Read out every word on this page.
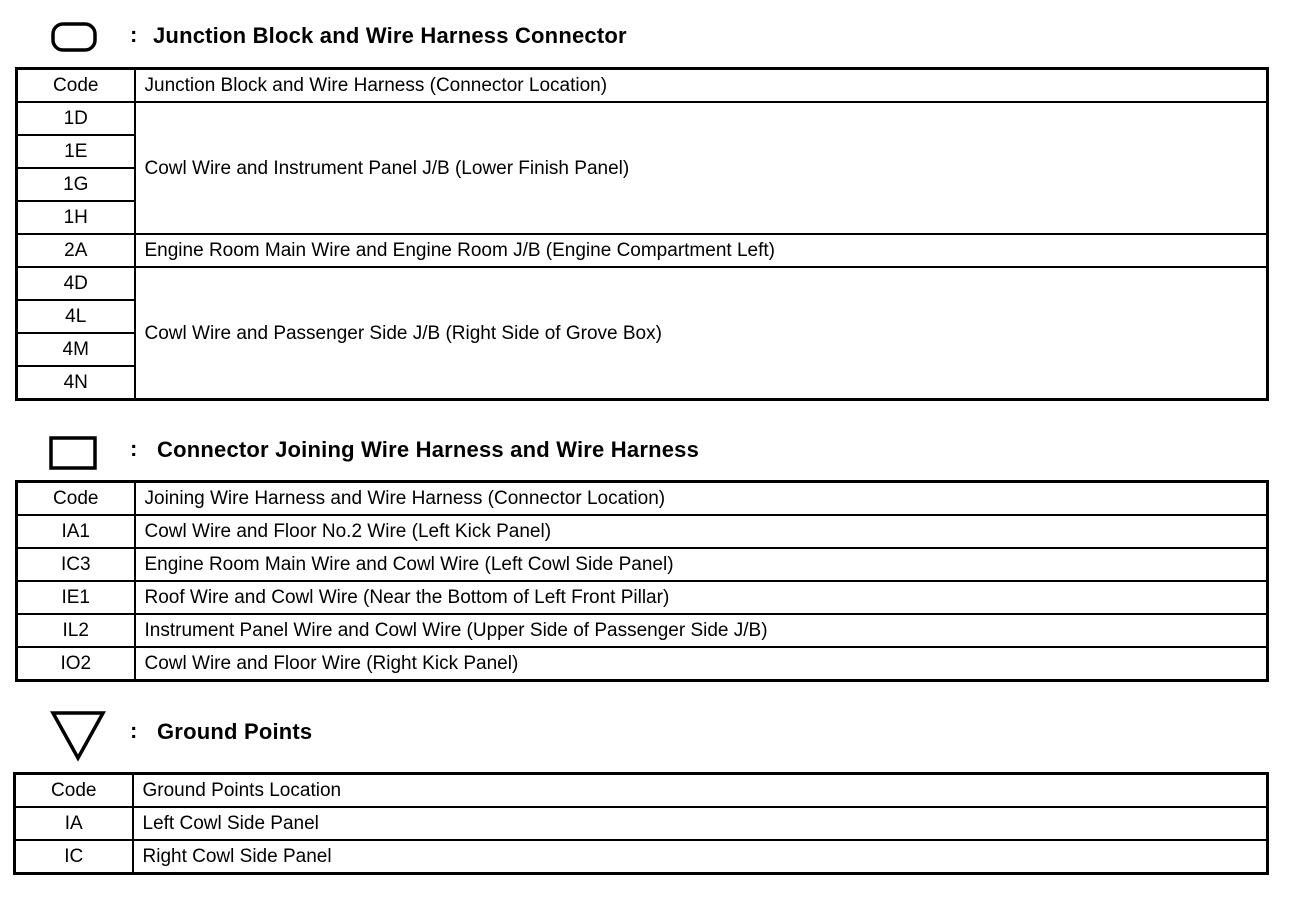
: Junction Block and Wire Harness Connector
Code	Junction Block and Wire Harness (Connector Location)
1D	Cowl Wire and Instrument Panel J/B (Lower Finish Panel)
1E	
1G	
1H	
2A	Engine Room Main Wire and Engine Room J/B (Engine Compartment Left)
4D	Cowl Wire and Passenger Side J/B (Right Side of Grove Box)
4L	
4M	
4N	
: Connector Joining Wire Harness and Wire Harness
Code	Joining Wire Harness and Wire Harness (Connector Location)
IA1	Cowl Wire and Floor No.2 Wire (Left Kick Panel)
IC3	Engine Room Main Wire and Cowl Wire (Left Cowl Side Panel)
IE1	Roof Wire and Cowl Wire (Near the Bottom of Left Front Pillar)
IL2	Instrument Panel Wire and Cowl Wire (Upper Side of Passenger Side J/B)
IO2	Cowl Wire and Floor Wire (Right Kick Panel)
: Ground Points
Code	Ground Points Location
IA	Left Cowl Side Panel
IC	Right Cowl Side Panel
